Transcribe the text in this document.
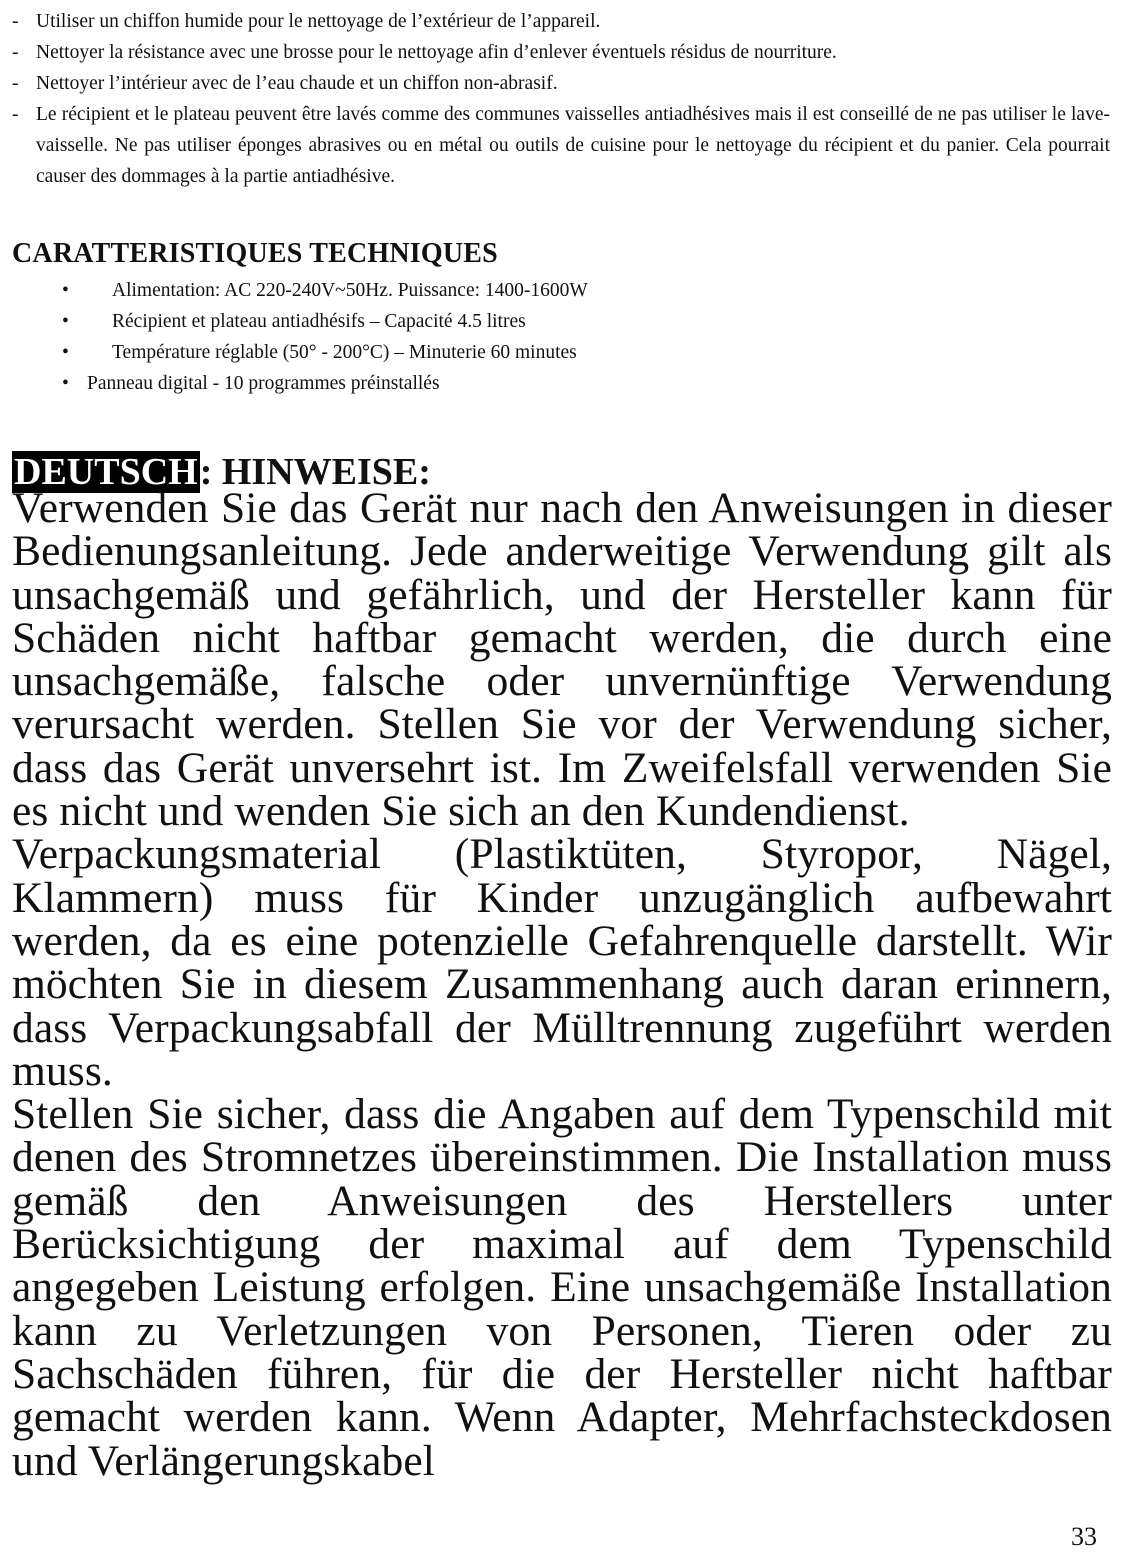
- Utiliser un chiffon humide pour le nettoyage de l’extérieur de l’appareil.
- Nettoyer la résistance avec une brosse pour le nettoyage afin d’enlever éventuels résidus de nourriture.
- Nettoyer l’intérieur avec de l’eau chaude et un chiffon non-abrasif.
- Le récipient et le plateau peuvent être lavés comme des communes vaisselles antiadhésives mais il est conseillé de ne pas utiliser le lave-vaisselle. Ne pas utiliser éponges abrasives ou en métal ou outils de cuisine pour le nettoyage du récipient et du panier. Cela pourrait causer des dommages à la partie antiadhésive.
CARATTERISTIQUES TECHNIQUES
• Alimentation: AC 220-240V~50Hz. Puissance: 1400-1600W
• Récipient et plateau antiadhésifs – Capacité 4.5 litres
• Température réglable (50° - 200°C) – Minuterie 60 minutes
• Panneau digital - 10 programmes préinstallés
DEUTSCH: HINWEISE:

Verwenden Sie das Gerät nur nach den Anweisungen in dieser Bedienungsanleitung. Jede anderweitige Verwendung gilt als unsachgemäß und gefährlich, und der Hersteller kann für Schäden nicht haftbar gemacht werden, die durch eine unsachgemäße, falsche oder unvernünftige Verwendung verursacht werden. Stellen Sie vor der Verwendung sicher, dass das Gerät unversehrt ist. Im Zweifelsfall verwenden Sie es nicht und wenden Sie sich an den Kundendienst.

Verpackungsmaterial (Plastiktüten, Styropor, Nägel, Klammern) muss für Kinder unzugänglich aufbewahrt werden, da es eine potenzielle Gefahrenquelle darstellt. Wir möchten Sie in diesem Zusammenhang auch daran erinnern, dass Verpackungsabfall der Mülltrennung zugeführt werden muss.

Stellen Sie sicher, dass die Angaben auf dem Typenschild mit denen des Stromnetzes übereinstimmen. Die Installation muss gemäß den Anweisungen des Herstellers unter Berücksichtigung der maximal auf dem Typenschild angegeben Leistung erfolgen. Eine unsachgemäße Installation kann zu Verletzungen von Personen, Tieren oder zu Sachschäden führen, für die der Hersteller nicht haftbar gemacht werden kann. Wenn Adapter, Mehrfachsteckdosen und Verlängerungskabel

33
